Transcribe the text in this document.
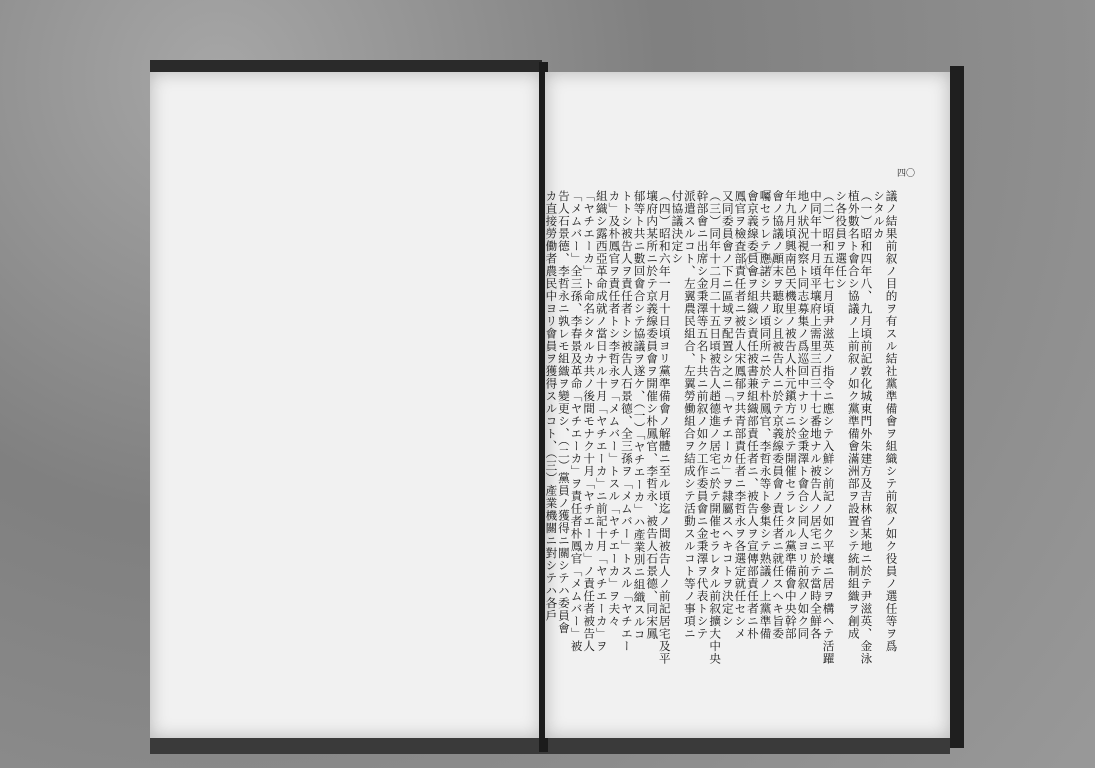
議ノ結果前叙ノ目的ヲ有スル結社黨準備會ヲ組織シテ前叙ノ如ク役員ノ選任等ヲ爲
シタルカ
（一）昭和四年八、九月頃前記敦化城東門外朱建方及吉林省某地ニ於テ尹滋英、金泳
植外數名ト會合シ協議ノ上前叙ノ如ク黨準備會滿洲部ヲ設置シテ統制組織ヲ創成
シ各役員ヲ選任シ
（二）昭和五年七月頃尹滋英ノ指令ニ應シテ入鮮シ前記ノ如ク平壤ニ居ヲ構ヘテ活躍
中同年十一月頃平壤府上需里三百三十七番地ナル被告人ノ居宅ニ於テ當時全鮮各
地ノ狀況視察ト同志募集ノ爲巡回中ナリシ金秉澤ト會合シ同人ヨリ前叙ノ如ク同
年九月頃興南邑天機里ノ被告人朴元鎭方ニ於テ開催セラレタル黨準備會中央幹部
會ノ協議ノ顚末ヲ聽取シ且被告人ニ於テ京義線委員會ノ責任者ニ就任スヘキ旨委
囑セラレテ應諾シ共ノ頃同所ニ於テ朴鳳官、李哲永等ト參集シテ熟議ノ上黨準備
會京義線委員會ヲ組織シ責任被書兼組織部責任者ニ、被告人ヲ宣傳部責任者ニ朴
鳳官ヲ檢査部責任者ニ被告人宋鳳郁ヲ共青部責任者ニ李哲永ヲ各選定就任セシメ
又同委員會ノ下ニ區域ヲ配置シ之ニ「ヤチエーカ」ヲ隷屬スヘキコトヲ決定シ
（三）同年十二月二十五日頃被告人趙德進ノ居宅ニ於テ開催セラレタル前叙擴大中央
幹部會ニ出席シ金秉澤等五名ト共ニ前叙ノ如ク工作委員會ニ金秉澤ヲ代表トシテ
派遣スルコト、左翼農民組合、左翼勞働組合ヲ結成シテ活動スルコト等ノ事項ニ
付協議決定シ
（四）昭和六年一月十日頃ヨリ黨準備會ノ解體ニ至ル頃迄ノ間被告人ノ前記居宅及平
壤府内某所ニ於テ京義線委員會ヲ開催シ朴鳳官、李哲永、被告人石景德、同宋鳳
郁等ト共ニ數回會合シテ協議ヲ遂ケ、（一）「ヤチエーカ」ハ產業別ニ組織スルコ
トトシ被告人ヲ責任者トシ被告人石景德、全三孫ヲ「メムバー」トスル「ヤチエー
カ」及朴鳳官ヲ責任者トシ李哲永ヲ「メムバー」トスル「ヤチエーカ」ヲ夫々
組織シ露西亞革命成就ノ當日ナル十月「ヤチエーカ」ニ前記十月「ヤチエーカ」ヲ
「ヤチエーカ」ト命名シタルカ共ノ後間モナク十月「ヤチエーカ」ノ責任者被告人
「メムバー」全三孫、李春景及革命「ヤチエーカ」ヲ責任者朴鳳官「メムバー」被
告人石景德、李哲永ニ孰レモ組織ヲ變更シ、（二）黨員ノ獲得ニ關シテハ委員會
カ直接勞働者農民中ヨリ會員ヲ獲得スルコト、（三）產業機關ニ對シテハ各戶
四〇
